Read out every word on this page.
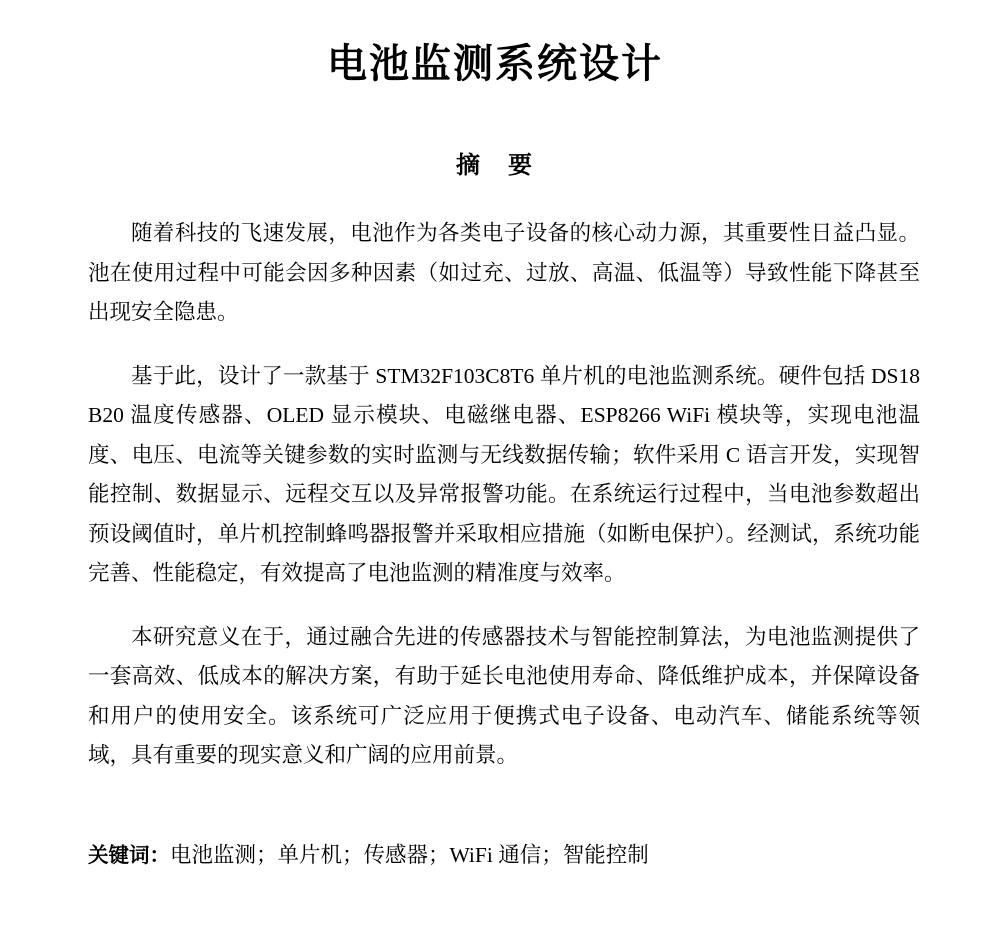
电池监测系统设计
摘　要

随着科技的飞速发展，电池作为各类电子设备的核心动力源，其重要性日益凸显。池在使用过程中可能会因多种因素（如过充、过放、高温、低温等）导致性能下降甚至出现安全隐患。

基于此，设计了一款基于 STM32F103C8T6 单片机的电池监测系统。硬件包括 DS18B20 温度传感器、OLED 显示模块、电磁继电器、ESP8266 WiFi 模块等，实现电池温度、电压、电流等关键参数的实时监测与无线数据传输；软件采用 C 语言开发，实现智能控制、数据显示、远程交互以及异常报警功能。在系统运行过程中，当电池参数超出预设阈值时，单片机控制蜂鸣器报警并采取相应措施（如断电保护）。经测试，系统功能完善、性能稳定，有效提高了电池监测的精准度与效率。

本研究意义在于，通过融合先进的传感器技术与智能控制算法，为电池监测提供了一套高效、低成本的解决方案，有助于延长电池使用寿命、降低维护成本，并保障设备和用户的使用安全。该系统可广泛应用于便携式电子设备、电动汽车、储能系统等领域，具有重要的现实意义和广阔的应用前景。

关键词：电池监测；单片机；传感器；WiFi 通信；智能控制
